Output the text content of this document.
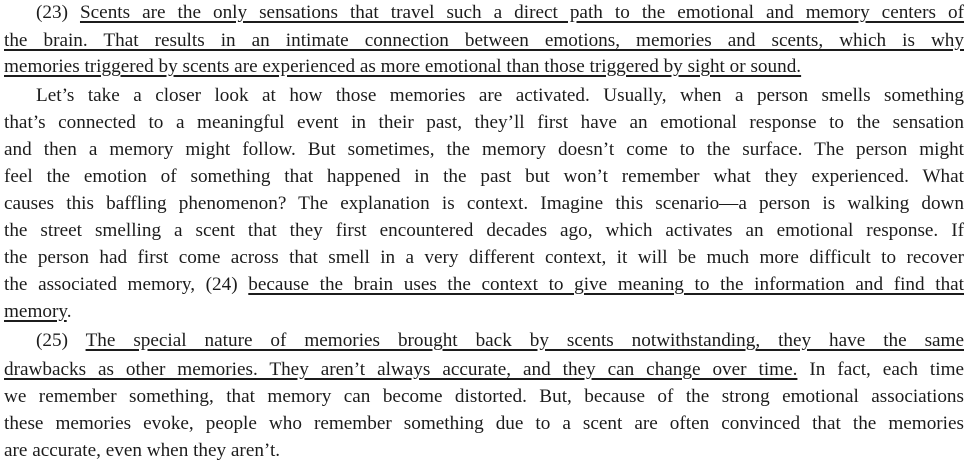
(23) Scents are the only sensations that travel such a direct path to the emotional and memory centers of
the brain. That results in an intimate connection between emotions, memories and scents, which is why
memories triggered by scents are experienced as more emotional than those triggered by sight or sound.
Let’s take a closer look at how those memories are activated. Usually, when a person smells something
that’s connected to a meaningful event in their past, they’ll first have an emotional response to the sensation
and then a memory might follow. But sometimes, the memory doesn’t come to the surface. The person might
feel the emotion of something that happened in the past but won’t remember what they experienced. What
causes this baffling phenomenon? The explanation is context. Imagine this scenario—a person is walking down
the street smelling a scent that they first encountered decades ago, which activates an emotional response. If
the person had first come across that smell in a very different context, it will be much more difficult to recover
the associated memory, (24) because the brain uses the context to give meaning to the information and find that
memory.
(25) The special nature of memories brought back by scents notwithstanding, they have the same
drawbacks as other memories. They aren’t always accurate, and they can change over time. In fact, each time
we remember something, that memory can become distorted. But, because of the strong emotional associations
these memories evoke, people who remember something due to a scent are often convinced that the memories
are accurate, even when they aren’t.
